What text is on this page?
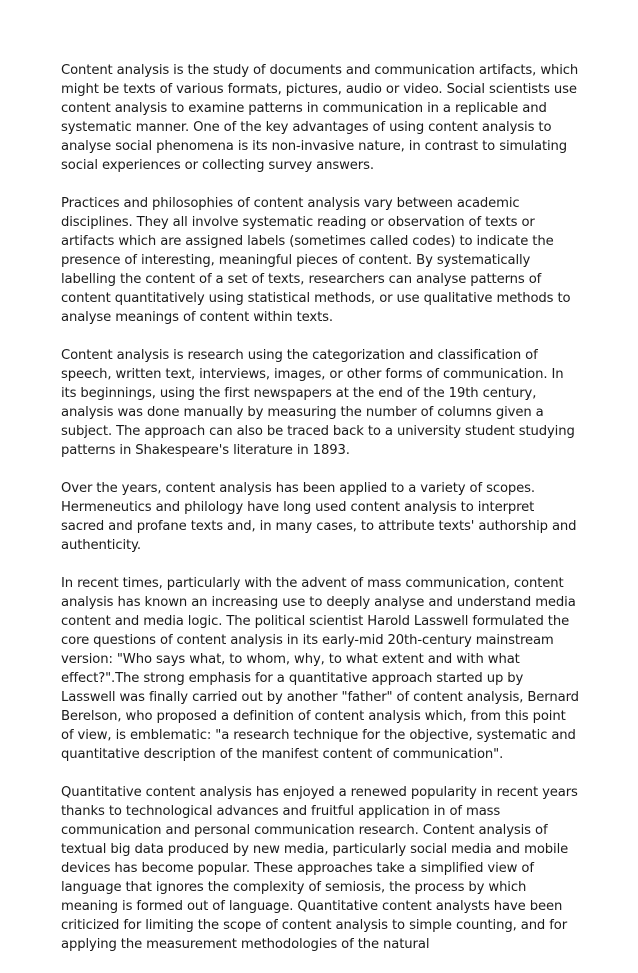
Content analysis is the study of documents and communication artifacts, which might be texts of various formats, pictures, audio or video. Social scientists use content analysis to examine patterns in communication in a replicable and systematic manner. One of the key advantages of using content analysis to analyse social phenomena is its non-invasive nature, in contrast to simulating social experiences or collecting survey answers.

Practices and philosophies of content analysis vary between academic disciplines. They all involve systematic reading or observation of texts or artifacts which are assigned labels (sometimes called codes) to indicate the presence of interesting, meaningful pieces of content. By systematically labelling the content of a set of texts, researchers can analyse patterns of content quantitatively using statistical methods, or use qualitative methods to analyse meanings of content within texts.

Content analysis is research using the categorization and classification of speech, written text, interviews, images, or other forms of communication. In its beginnings, using the first newspapers at the end of the 19th century, analysis was done manually by measuring the number of columns given a subject. The approach can also be traced back to a university student studying patterns in Shakespeare's literature in 1893.

Over the years, content analysis has been applied to a variety of scopes. Hermeneutics and philology have long used content analysis to interpret sacred and profane texts and, in many cases, to attribute texts' authorship and authenticity.

In recent times, particularly with the advent of mass communication, content analysis has known an increasing use to deeply analyse and understand media content and media logic. The political scientist Harold Lasswell formulated the core questions of content analysis in its early-mid 20th-century mainstream version: "Who says what, to whom, why, to what extent and with what effect?".The strong emphasis for a quantitative approach started up by Lasswell was finally carried out by another "father" of content analysis, Bernard Berelson, who proposed a definition of content analysis which, from this point of view, is emblematic: "a research technique for the objective, systematic and quantitative description of the manifest content of communication".

Quantitative content analysis has enjoyed a renewed popularity in recent years thanks to technological advances and fruitful application in of mass communication and personal communication research. Content analysis of textual big data produced by new media, particularly social media and mobile devices has become popular. These approaches take a simplified view of language that ignores the complexity of semiosis, the process by which meaning is formed out of language. Quantitative content analysts have been criticized for limiting the scope of content analysis to simple counting, and for applying the measurement methodologies of the natural
